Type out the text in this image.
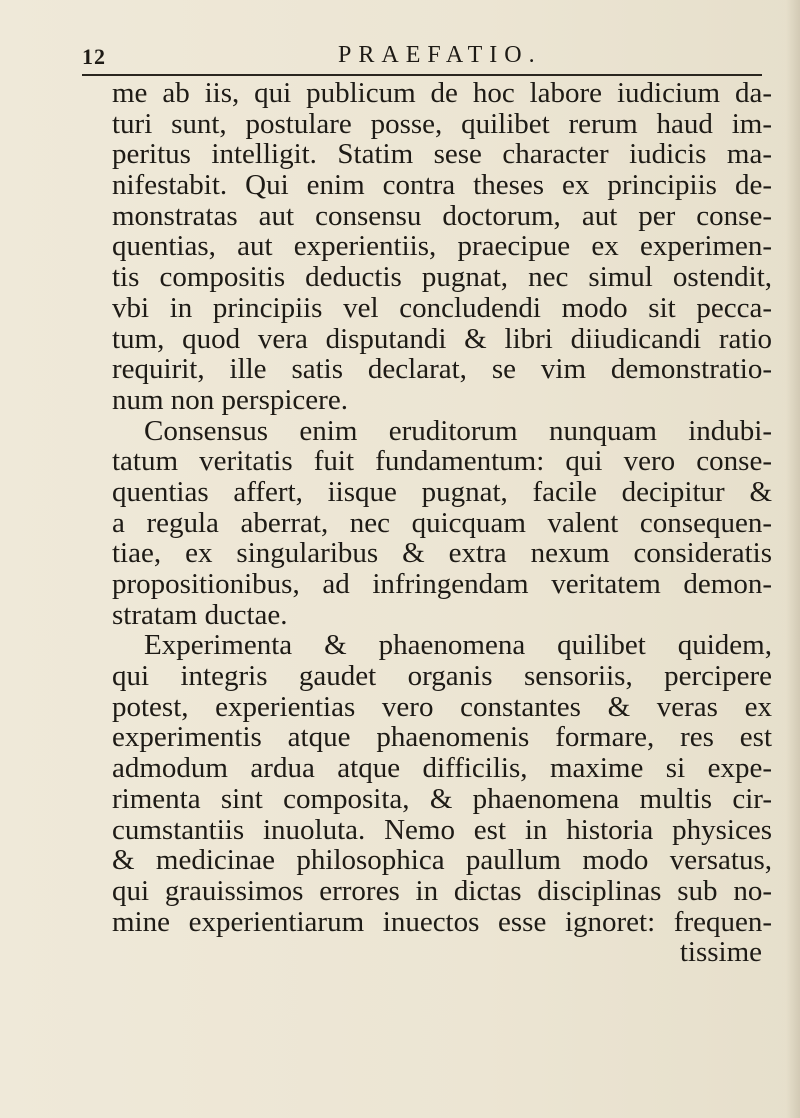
12	PRAEFATIO.
me ab iis, qui publicum de hoc labore iudicium da-
turi sunt, postulare posse, quilibet rerum haud im-
peritus intelligit. Statim sese character iudicis ma-
nifestabit. Qui enim contra theses ex principiis de-
monstratas aut consensu doctorum, aut per conse-
quentias, aut experientiis, praecipue ex experimen-
tis compositis deductis pugnat, nec simul ostendit,
vbi in principiis vel concludendi modo sit pecca-
tum, quod vera disputandi & libri diiudicandi ratio
requirit, ille satis declarat, se vim demonstratio-
num non perspicere.
Consensus enim eruditorum nunquam indubi-
tatum veritatis fuit fundamentum: qui vero conse-
quentias affert, iisque pugnat, facile decipitur &
a regula aberrat, nec quicquam valent consequen-
tiae, ex singularibus & extra nexum consideratis
propositionibus, ad infringendam veritatem demon-
stratam ductae.
Experimenta & phaenomena quilibet quidem,
qui integris gaudet organis sensoriis, percipere
potest, experientias vero constantes & veras ex
experimentis atque phaenomenis formare, res est
admodum ardua atque difficilis, maxime si expe-
rimenta sint composita, & phaenomena multis cir-
cumstantiis inuoluta. Nemo est in historia physices
& medicinae philosophica paullum modo versatus,
qui grauissimos errores in dictas disciplinas sub no-
mine experientiarum inuectos esse ignoret: frequen-
tissime
